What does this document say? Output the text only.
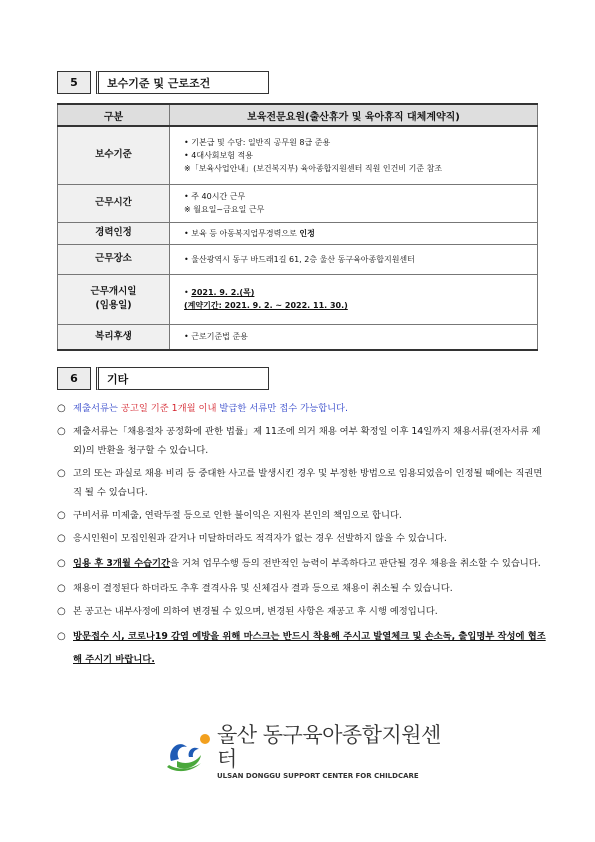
5	보수기준 및 근로조건
구분	보육전문요원(출산휴가 및 육아휴직 대체계약직)
보수기준	• 기본급 및 수당: 일반직 공무원 8급 준용
• 4대사회보험 적용
※「보육사업안내」(보건복지부) 육아종합지원센터 직원 인건비 기준 참조

근무시간	• 주 40시간 근무
※ 월요일~금요일 근무

경력인정	• 보육 등 아동복지업무경력으로 인정
근무장소	• 울산광역시 동구 바드래1길 61, 2층 울산 동구육아종합지원센터

근무개시일
(임용일)	• 2021. 9. 2.(목)
(계약기간: 2021. 9. 2. ~ 2022. 11. 30.)

복리후생	• 근로기준법 준용
6	기타
○ 제출서류는 공고일 기준 1개월 이내 발급한 서류만 접수 가능합니다.
○ 제출서류는「채용절차 공정화에 관한 법률」제 11조에 의거 채용 여부 확정일 이후 14일까지 채용서류(전자서류 제외)의 반환을 청구할 수 있습니다.
○ 고의 또는 과실로 채용 비리 등 중대한 사고를 발생시킨 경우 및 부정한 방법으로 임용되었음이 인정될 때에는 직권면직 될 수 있습니다.
○ 구비서류 미제출, 연락두절 등으로 인한 불이익은 지원자 본인의 책임으로 합니다.
○ 응시인원이 모집인원과 같거나 미달하더라도 적격자가 없는 경우 선발하지 않을 수 있습니다.
○ 임용 후 3개월 수습기간을 거쳐 업무수행 등의 전반적인 능력이 부족하다고 판단될 경우 채용을 취소할 수 있습니다.
○ 채용이 결정된다 하더라도 추후 결격사유 및 신체검사 결과 등으로 채용이 취소될 수 있습니다.
○ 본 공고는 내부사정에 의하여 변경될 수 있으며, 변경된 사항은 재공고 후 시행 예정입니다.
○ 방문접수 시, 코로나19 감염 예방을 위해 마스크는 반드시 착용해 주시고 발열체크 및 손소독, 출입명부 작성에 협조해 주시기 바랍니다.
울산 동구육아종합지원센터
ULSAN DONGGU SUPPORT CENTER FOR CHILDCARE
